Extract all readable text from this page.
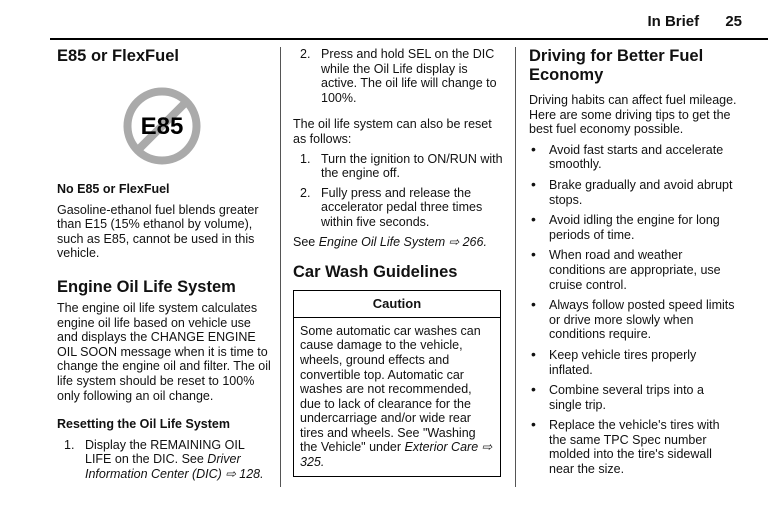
In Brief 25
E85 or FlexFuel
E85
No E85 or FlexFuel

Gasoline-ethanol fuel blends greater than E15 (15% ethanol by volume), such as E85, cannot be used in this vehicle.

Engine Oil Life System

The engine oil life system calculates engine oil life based on vehicle use and displays the CHANGE ENGINE OIL SOON message when it is time to change the engine oil and filter. The oil life system should be reset to 100% only following an oil change.

Resetting the Oil Life System
1. Display the REMAINING OIL LIFE on the DIC. See Driver Information Center (DIC) ⇨ 128.
2. Press and hold SEL on the DIC while the Oil Life display is active. The oil life will change to 100%.

The oil life system can also be reset as follows:

1. Turn the ignition to ON/RUN with the engine off.
2. Fully press and release the accelerator pedal three times within five seconds.

See Engine Oil Life System ⇨ 266.

Car Wash Guidelines
Caution
Some automatic car washes can cause damage to the vehicle, wheels, ground effects and convertible top. Automatic car washes are not recommended, due to lack of clearance for the undercarriage and/or wide rear tires and wheels. See "Washing the Vehicle" under Exterior Care ⇨ 325.
Driving for Better Fuel Economy

Driving habits can affect fuel mileage. Here are some driving tips to get the best fuel economy possible.

• Avoid fast starts and accelerate smoothly.
• Brake gradually and avoid abrupt stops.
• Avoid idling the engine for long periods of time.
• When road and weather conditions are appropriate, use cruise control.
• Always follow posted speed limits or drive more slowly when conditions require.
• Keep vehicle tires properly inflated.
• Combine several trips into a single trip.
• Replace the vehicle's tires with the same TPC Spec number molded into the tire's sidewall near the size.
